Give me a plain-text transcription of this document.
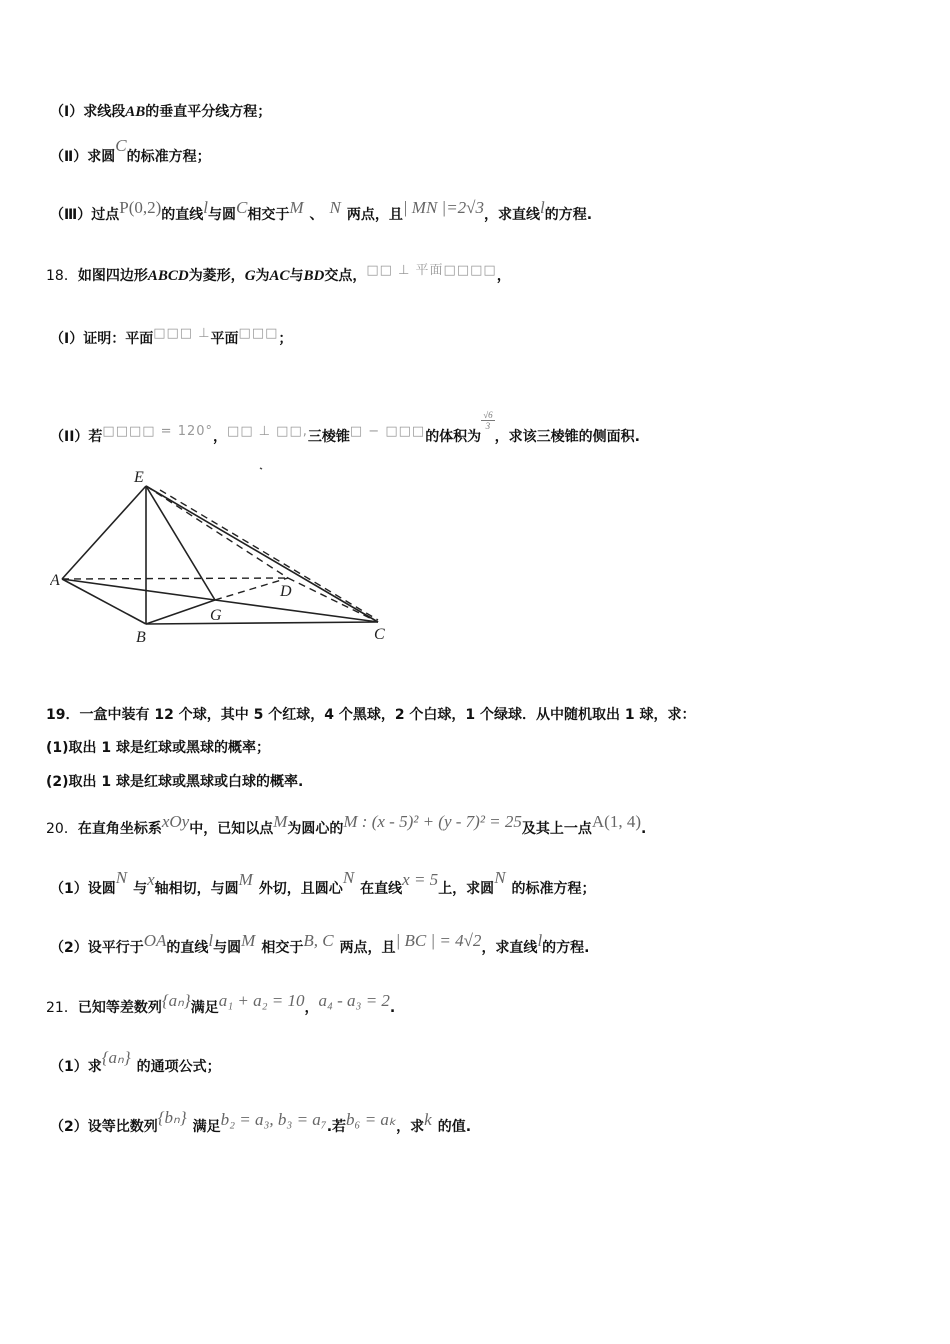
（Ⅰ）求线段AB的垂直平分线方程；
（Ⅱ）求圆C的标准方程；
（Ⅲ）过点P(0,2)的直线l与圆C相交于M 、 N 两点，且| MN |=2√3，求直线l的方程.
18．如图四边形ABCD为菱形，G为AC与BD交点，□□ ⊥ 平面□□□□，
（I）证明：平面□□□ ⊥平面□□□；
（II）若□□□□ = 120°，□□ ⊥ □□,三棱锥□ − □□□的体积为
$\frac{√6}{3}$
，求该三棱锥的侧面积.
E
A
B
G
D
C
19．一盒中装有 12 个球，其中 5 个红球，4 个黑球，2 个白球，1 个绿球．从中随机取出 1 球，求：
(1)取出 1 球是红球或黑球的概率；
(2)取出 1 球是红球或黑球或白球的概率.
20．在直角坐标系xOy中，已知以点M为圆心的M : (x - 5)² + (y - 7)² = 25及其上一点A(1, 4).
（1）设圆N与x轴相切，与圆M 外切，且圆心N在直线x = 5上，求圆N的标准方程；
（2）设平行于OA的直线l与圆M 相交于B, C 两点，且| BC | = 4√2，求直线l的方程.
21．已知等差数列{aₙ}满足a₁ + a₂ = 10，a₄ - a₃ = 2.
（1）求{aₙ} 的通项公式；
（2）设等比数列{bₙ} 满足b₂ = a₃, b₃ = a₇.若b₆ = aₖ，求k 的值.
